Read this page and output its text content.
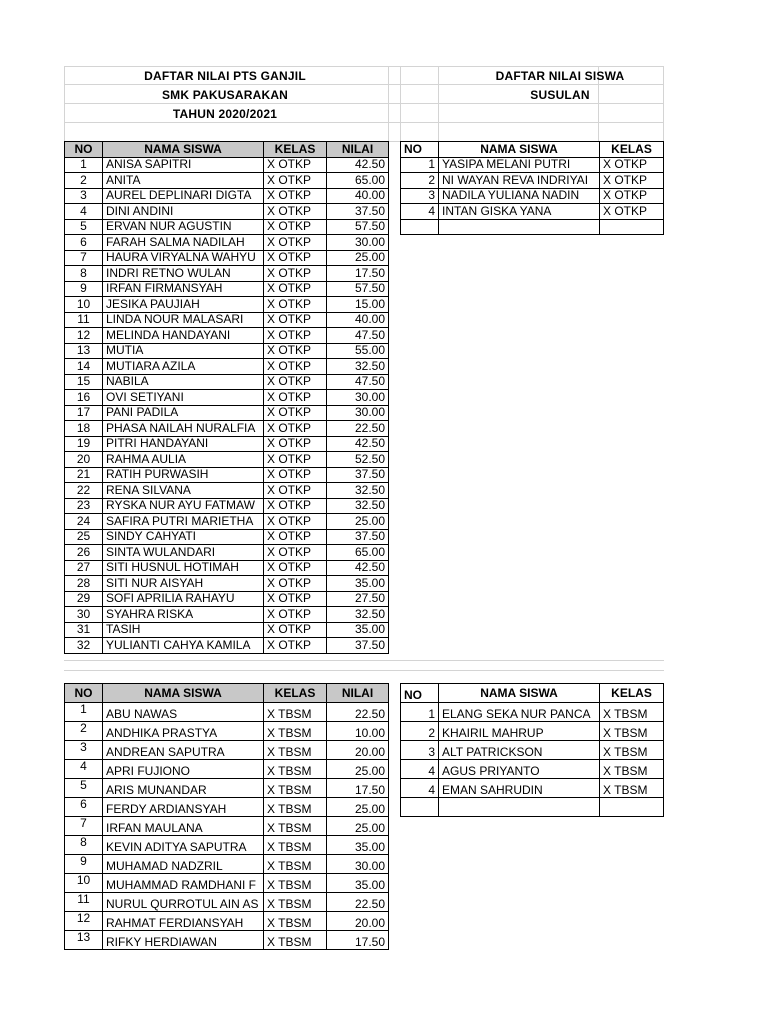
DAFTAR NILAI PTS GANJIL
SMK PAKUSARAKAN
TAHUN 2020/2021
DAFTAR NILAI SISWA
SUSULAN
NO	NAMA SISWA	KELAS	NILAI
1	ANISA SAPITRI	X OTKP	42.50
2	ANITA	X OTKP	65.00
3	AUREL DEPLINARI DIGTA	X OTKP	40.00
4	DINI ANDINI	X OTKP	37.50
5	ERVAN NUR AGUSTIN	X OTKP	57.50
6	FARAH SALMA NADILAH	X OTKP	30.00
7	HAURA VIRYALNA WAHYU	X OTKP	25.00
8	INDRI RETNO WULAN	X OTKP	17.50
9	IRFAN FIRMANSYAH	X OTKP	57.50
10	JESIKA PAUJIAH	X OTKP	15.00
11	LINDA NOUR MALASARI	X OTKP	40.00
12	MELINDA HANDAYANI	X OTKP	47.50
13	MUTIA	X OTKP	55.00
14	MUTIARA AZILA	X OTKP	32.50
15	NABILA	X OTKP	47.50
16	OVI SETIYANI	X OTKP	30.00
17	PANI PADILA	X OTKP	30.00
18	PHASA NAILAH NURALFIA	X OTKP	22.50
19	PITRI HANDAYANI	X OTKP	42.50
20	RAHMA AULIA	X OTKP	52.50
21	RATIH PURWASIH	X OTKP	37.50
22	RENA SILVANA	X OTKP	32.50
23	RYSKA NUR AYU FATMAW	X OTKP	32.50
24	SAFIRA PUTRI MARIETHA	X OTKP	25.00
25	SINDY CAHYATI	X OTKP	37.50
26	SINTA WULANDARI	X OTKP	65.00
27	SITI HUSNUL HOTIMAH	X OTKP	42.50
28	SITI NUR AISYAH	X OTKP	35.00
29	SOFI APRILIA RAHAYU	X OTKP	27.50
30	SYAHRA RISKA	X OTKP	32.50
31	TASIH	X OTKP	35.00
32	YULIANTI CAHYA KAMILA	X OTKP	37.50
NO	NAMA SISWA	KELAS
1	YASIPA MELANI PUTRI	X OTKP
2	NI WAYAN REVA INDRIYAI	X OTKP
3	NADILA YULIANA NADIN	X OTKP
4	INTAN GISKA YANA	X OTKP

NO	NAMA SISWA	KELAS	NILAI
1	ABU NAWAS	X TBSM	22.50
2	ANDHIKA PRASTYA	X TBSM	10.00
3	ANDREAN SAPUTRA	X TBSM	20.00
4	APRI FUJIONO	X TBSM	25.00
5	ARIS MUNANDAR	X TBSM	17.50
6	FERDY ARDIANSYAH	X TBSM	25.00
7	IRFAN MAULANA	X TBSM	25.00
8	KEVIN ADITYA SAPUTRA	X TBSM	35.00
9	MUHAMAD NADZRIL	X TBSM	30.00
10	MUHAMMAD RAMDHANI F	X TBSM	35.00
11	NURUL QURROTUL AIN AS	X TBSM	22.50
12	RAHMAT FERDIANSYAH	X TBSM	20.00
13	RIFKY HERDIAWAN	X TBSM	17.50
NO	NAMA SISWA	KELAS
1	ELANG SEKA NUR PANCA	X TBSM
2	KHAIRIL MAHRUP	X TBSM
3	ALT PATRICKSON	X TBSM
4	AGUS PRIYANTO	X TBSM
4	EMAN SAHRUDIN	X TBSM
